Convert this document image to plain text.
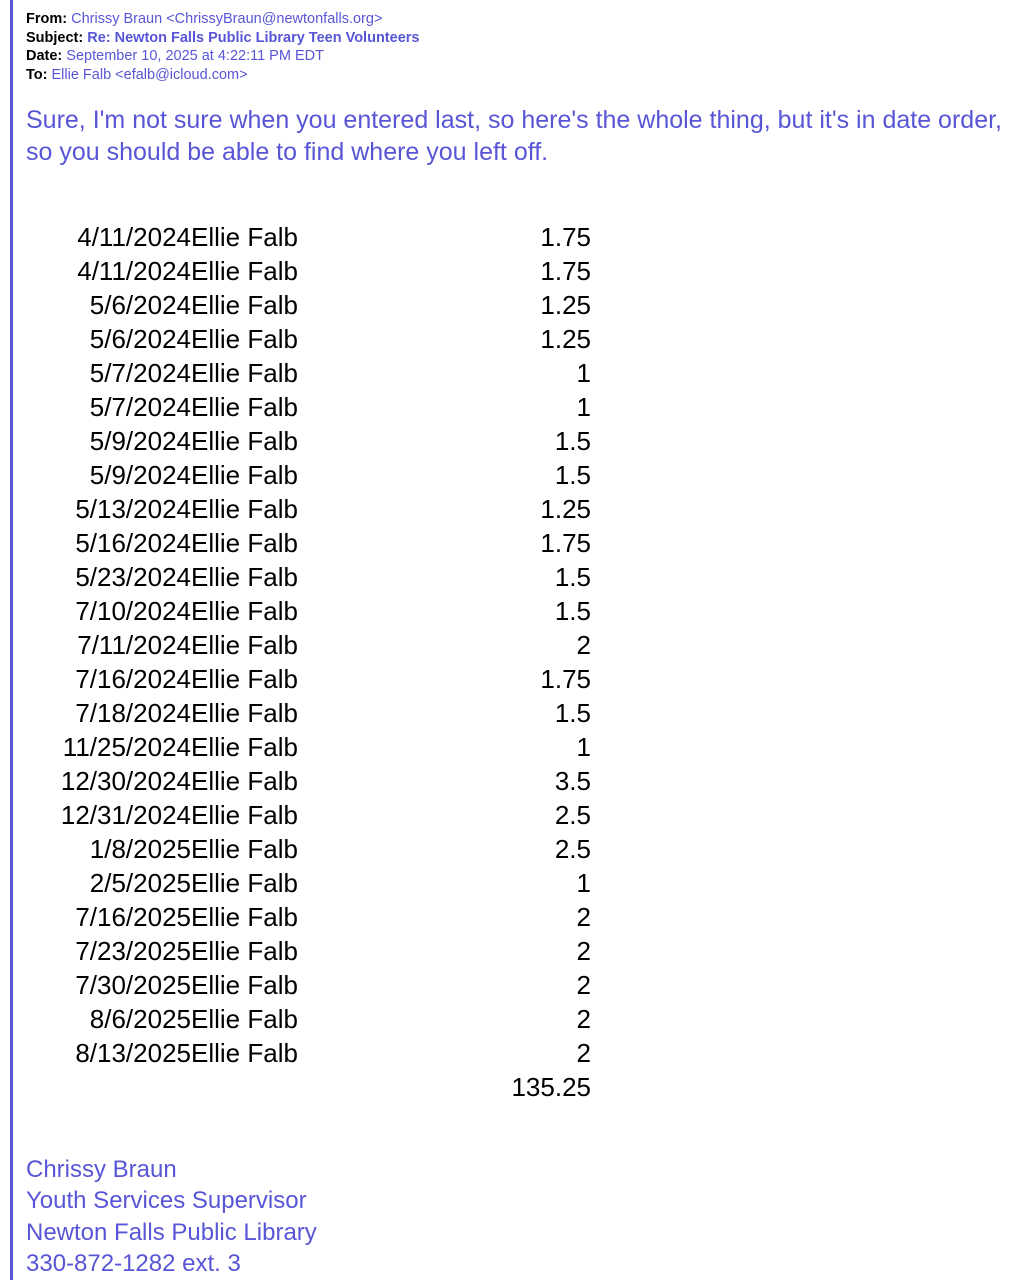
From: Chrissy Braun <ChrissyBraun@newtonfalls.org>
Subject: Re: Newton Falls Public Library Teen Volunteers
Date: September 10, 2025 at 4:22:11 PM EDT
To: Ellie Falb <efalb@icloud.com>
Sure, I'm not sure when you entered last, so here's the whole thing, but it's in date order, so you should be able to find where you left off.
4/11/2024	Ellie Falb	1.75
4/11/2024	Ellie Falb	1.75
5/6/2024	Ellie Falb	1.25
5/6/2024	Ellie Falb	1.25
5/7/2024	Ellie Falb	1
5/7/2024	Ellie Falb	1
5/9/2024	Ellie Falb	1.5
5/9/2024	Ellie Falb	1.5
5/13/2024	Ellie Falb	1.25
5/16/2024	Ellie Falb	1.75
5/23/2024	Ellie Falb	1.5
7/10/2024	Ellie Falb	1.5
7/11/2024	Ellie Falb	2
7/16/2024	Ellie Falb	1.75
7/18/2024	Ellie Falb	1.5
11/25/2024	Ellie Falb	1
12/30/2024	Ellie Falb	3.5
12/31/2024	Ellie Falb	2.5
1/8/2025	Ellie Falb	2.5
2/5/2025	Ellie Falb	1
7/16/2025	Ellie Falb	2
7/23/2025	Ellie Falb	2
7/30/2025	Ellie Falb	2
8/6/2025	Ellie Falb	2
8/13/2025	Ellie Falb	2
		135.25
Chrissy Braun
Youth Services Supervisor
Newton Falls Public Library
330-872-1282 ext. 3
